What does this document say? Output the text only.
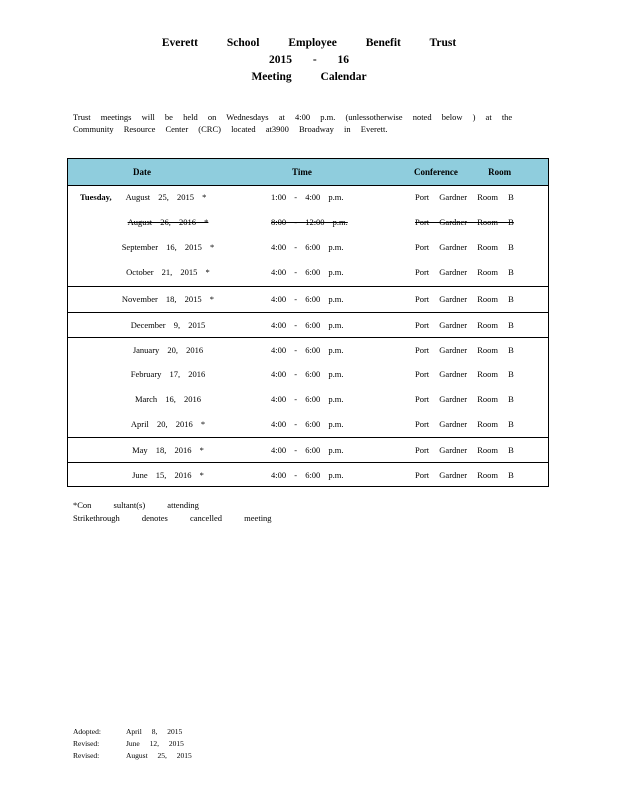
Everett School Employee Benefit Trust
2015 - 16
Meeting Calendar
Trust meetings will be held on Wednesdays at 4:00 p.m. (unlessotherwise noted below ) at the
Community Resource Center (CRC) located at3900 Broadway in Everett.
Date	Time	Conference Room
Tuesday, August 25, 2015 *	1:00 - 4:00 p.m.	Port Gardner Room B
August 26, 2016 *	8:00 - 12:00 p.m.	Port Gardner Room B
September 16, 2015 *	4:00 - 6:00 p.m.	Port Gardner Room B
October 21, 2015 *	4:00 - 6:00 p.m.	Port Gardner Room B
November 18, 2015 *	4:00 - 6:00 p.m.	Port Gardner Room B
December 9, 2015	4:00 - 6:00 p.m.	Port Gardner Room B
January 20, 2016	4:00 - 6:00 p.m.	Port Gardner Room B
February 17, 2016	4:00 - 6:00 p.m.	Port Gardner Room B
March 16, 2016	4:00 - 6:00 p.m.	Port Gardner Room B
April 20, 2016 *	4:00 - 6:00 p.m.	Port Gardner Room B
May 18, 2016 *	4:00 - 6:00 p.m.	Port Gardner Room B
June 15, 2016 *	4:00 - 6:00 p.m.	Port Gardner Room B
*Con sultant(s) attending
Strikethrough denotes cancelled meeting
Adopted:	April 8, 2015
Revised:	June 12, 2015
Revised:	August 25, 2015
